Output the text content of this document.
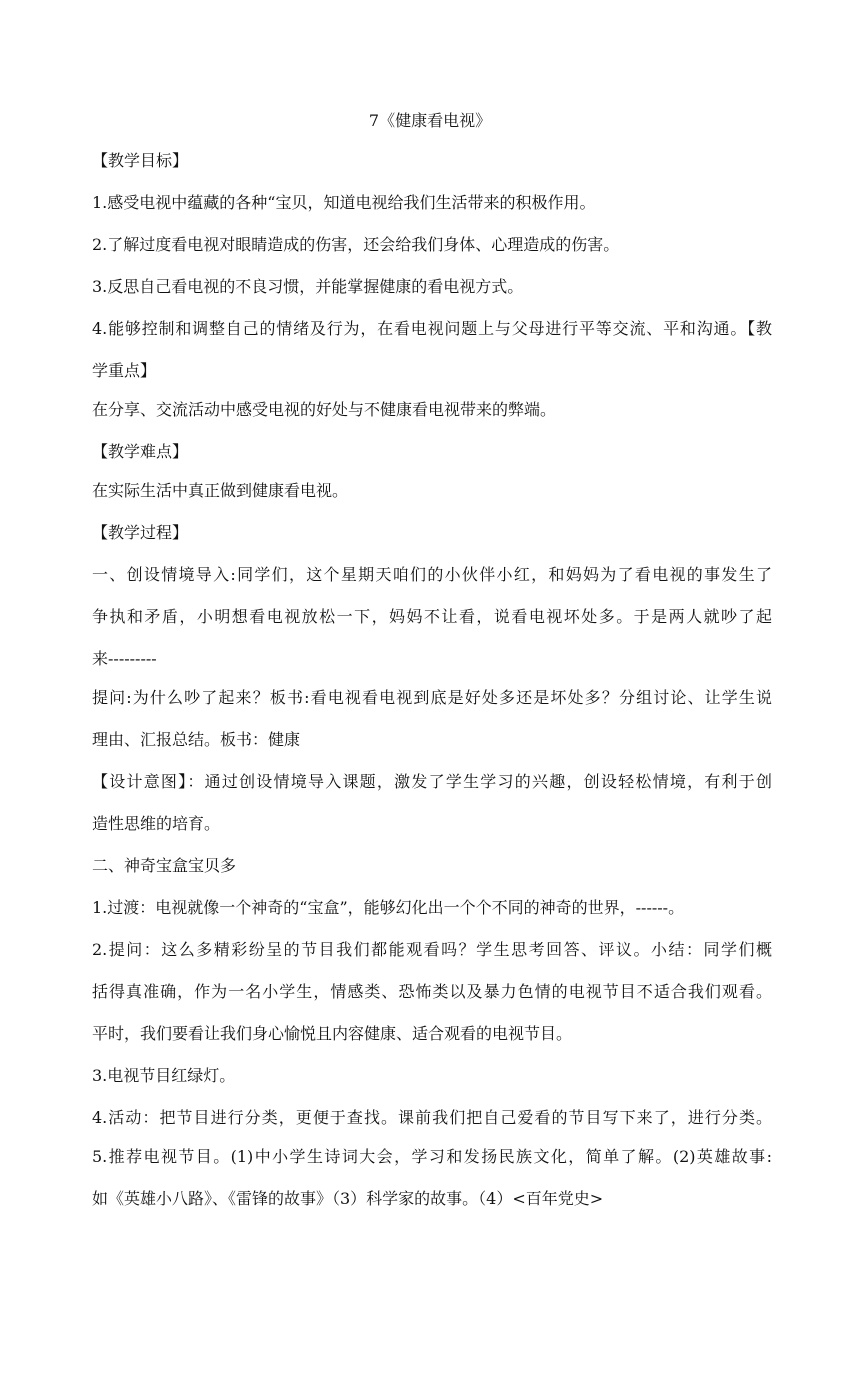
7《健康看电视》

【教学目标】

1.感受电视中蕴藏的各种“宝贝，知道电视给我们生活带来的积极作用。

2.了解过度看电视对眼睛造成的伤害，还会给我们身体、心理造成的伤害。

3.反思自己看电视的不良习惯，并能掌握健康的看电视方式。

4.能够控制和调整自己的情绪及行为，在看电视问题上与父母进行平等交流、平和沟通。【教

学重点】

在分享、交流活动中感受电视的好处与不健康看电视带来的弊端。

【教学难点】

在实际生活中真正做到健康看电视。

【教学过程】

一、创设情境导入:同学们，这个星期天咱们的小伙伴小红，和妈妈为了看电视的事发生了

争执和矛盾，小明想看电视放松一下，妈妈不让看，说看电视坏处多。于是两人就吵了起

来---------

提问:为什么吵了起来？板书:看电视看电视到底是好处多还是坏处多？分组讨论、让学生说

理由、汇报总结。板书：健康

【设计意图】：通过创设情境导入课题，激发了学生学习的兴趣，创设轻松情境，有利于创

造性思维的培育。

二、神奇宝盒宝贝多

1.过渡：电视就像一个神奇的“宝盒”，能够幻化出一个个不同的神奇的世界，------。

2.提问：这么多精彩纷呈的节目我们都能观看吗？学生思考回答、评议。小结：同学们概

括得真准确，作为一名小学生，情感类、恐怖类以及暴力色情的电视节目不适合我们观看。

平时，我们要看让我们身心愉悦且内容健康、适合观看的电视节目。

3.电视节目红绿灯。

4.活动：把节目进行分类，更便于查找。课前我们把自己爱看的节目写下来了，进行分类。

5.推荐电视节目。(1)中小学生诗词大会，学习和发扬民族文化，简单了解。(2)英雄故事:

如《英雄小八路》、《雷锋的故事》（3）科学家的故事。（4）<百年党史>
